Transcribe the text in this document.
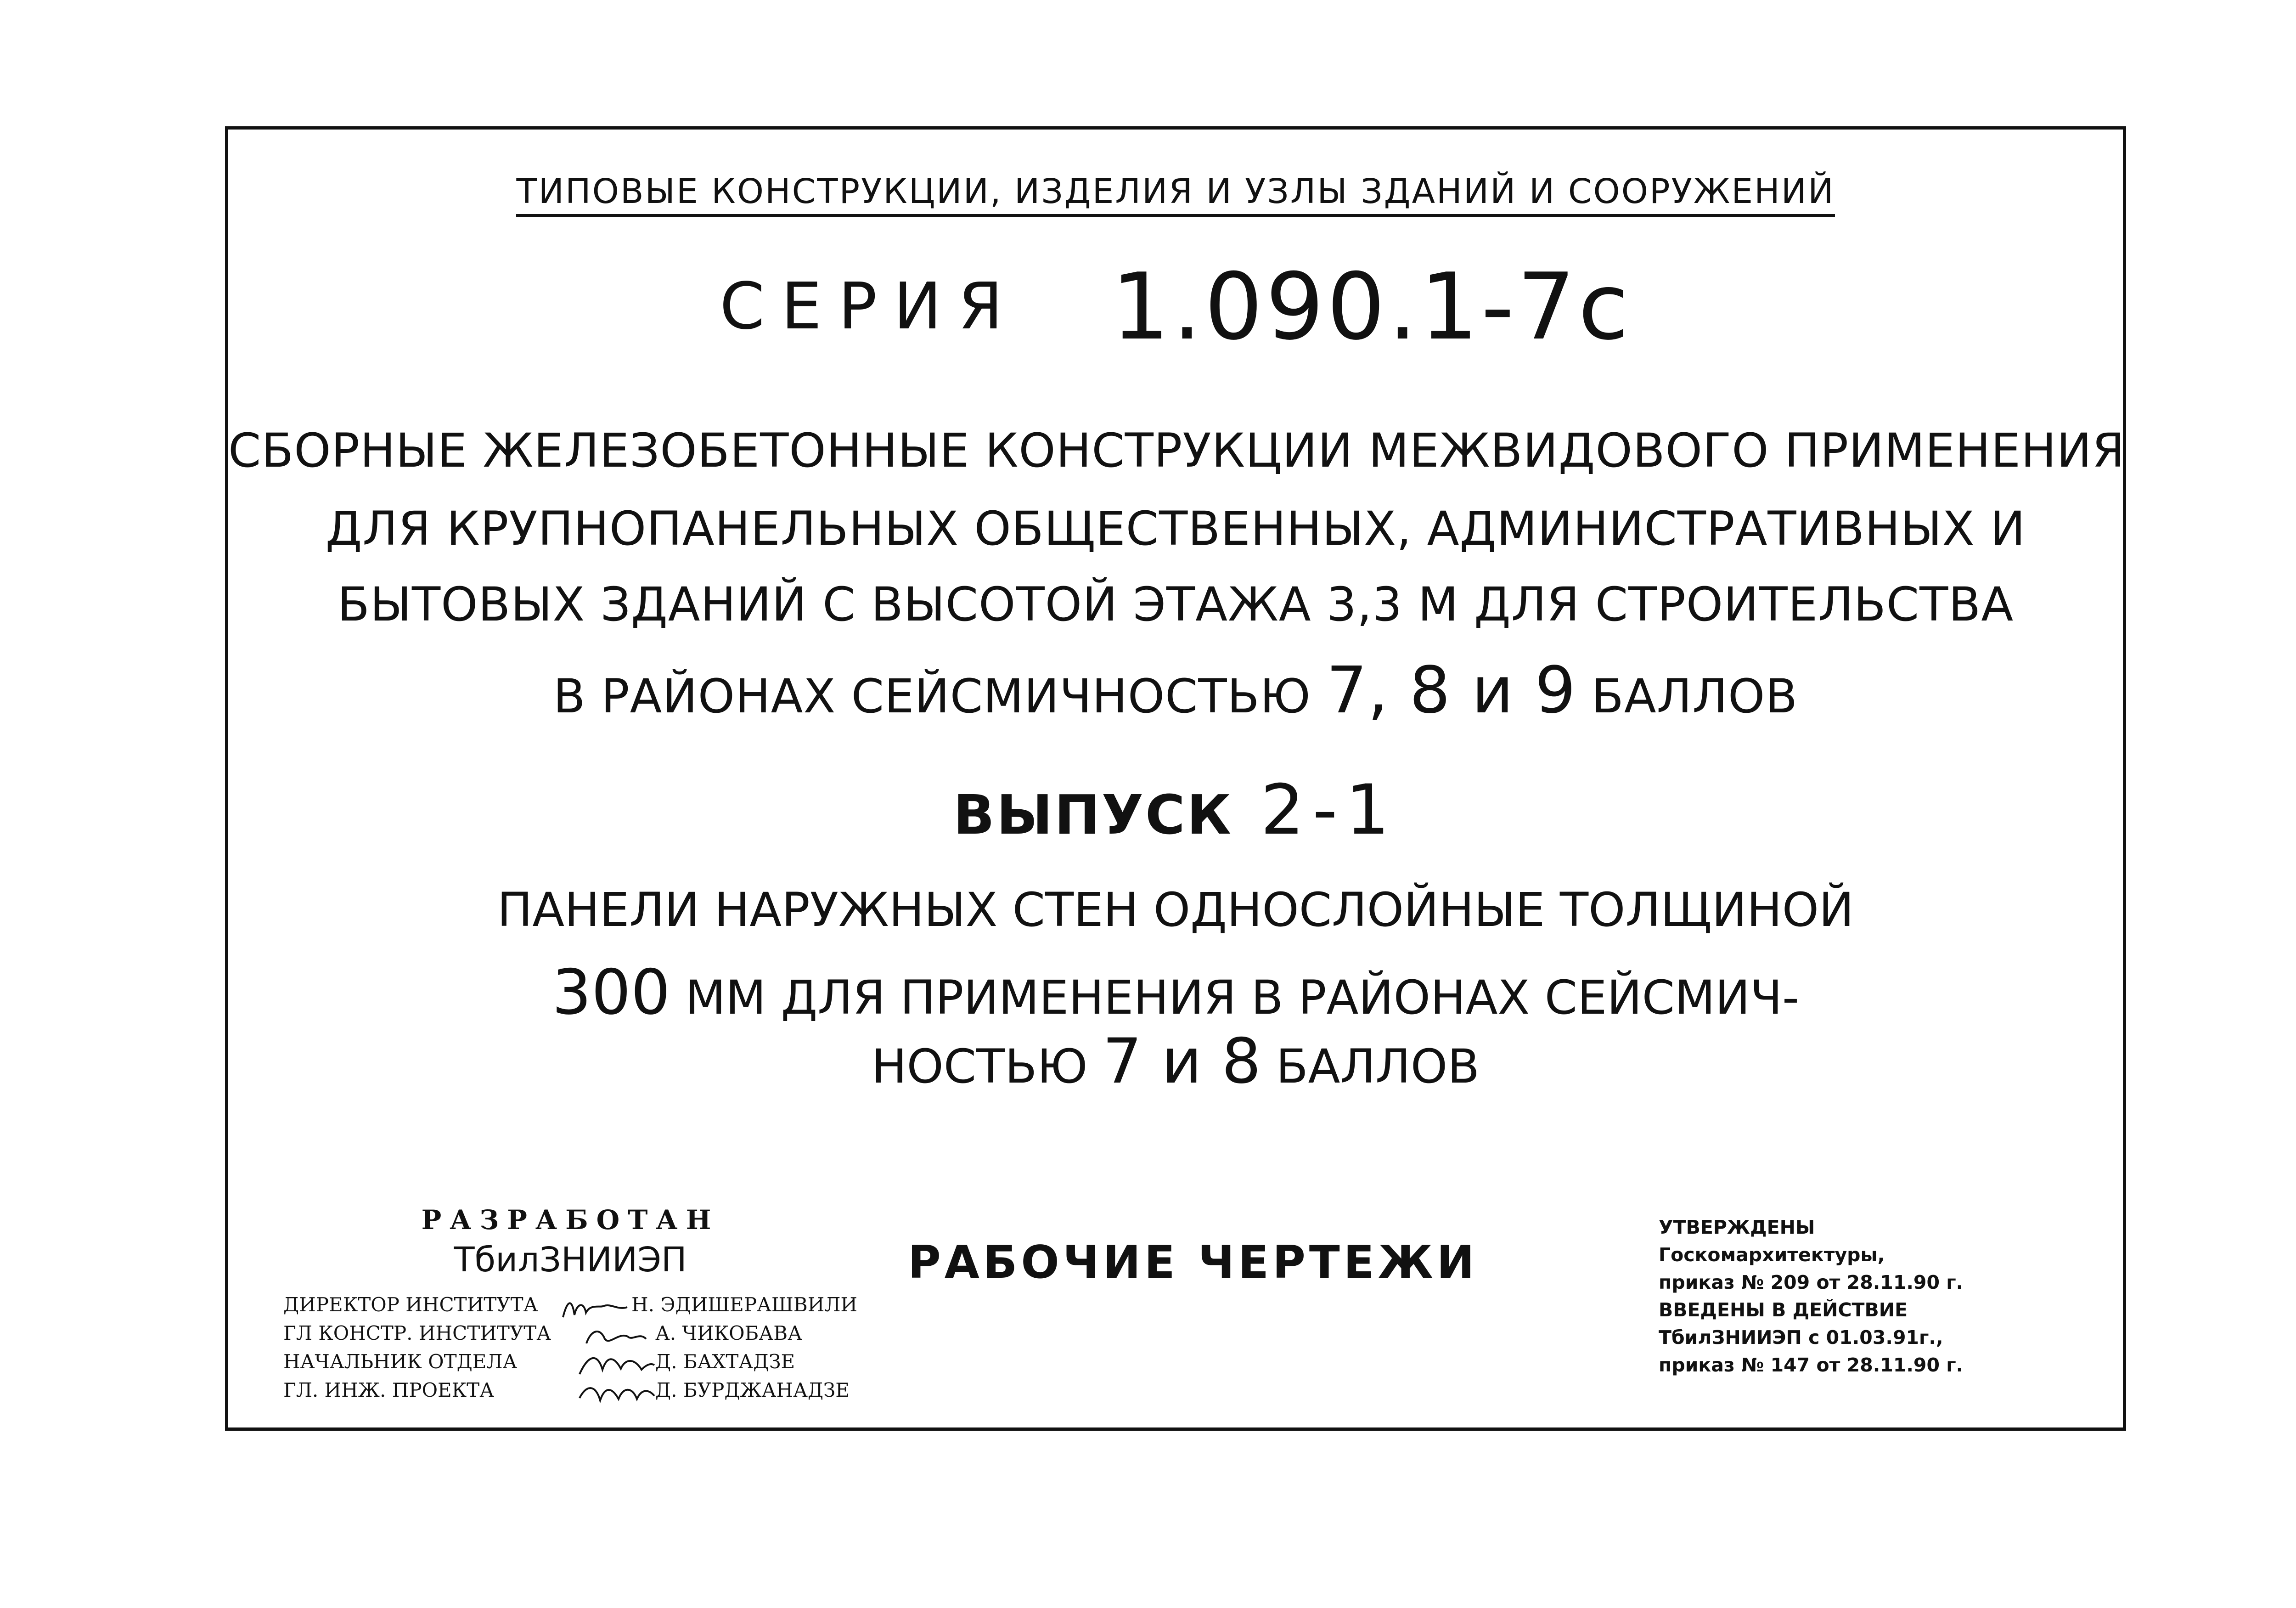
ТИПОВЫЕ КОНСТРУКЦИИ, ИЗДЕЛИЯ И УЗЛЫ ЗДАНИЙ И СООРУЖЕНИЙ
СЕРИЯ 1.090.1-7с
СБОРНЫЕ ЖЕЛЕЗОБЕТОННЫЕ КОНСТРУКЦИИ МЕЖВИДОВОГО ПРИМЕНЕНИЯ
ДЛЯ КРУПНОПАНЕЛЬНЫХ ОБЩЕСТВЕННЫХ, АДМИНИСТРАТИВНЫХ И
БЫТОВЫХ ЗДАНИЙ С ВЫСОТОЙ ЭТАЖА 3,3 М ДЛЯ СТРОИТЕЛЬСТВА
В РАЙОНАХ СЕЙСМИЧНОСТЬЮ 7, 8 и 9 БАЛЛОВ
ВЫПУСК 2-1
ПАНЕЛИ НАРУЖНЫХ СТЕН ОДНОСЛОЙНЫЕ ТОЛЩИНОЙ
300 ММ ДЛЯ ПРИМЕНЕНИЯ В РАЙОНАХ СЕЙСМИЧ-
НОСТЬЮ 7 и 8 БАЛЛОВ
РАЗРАБОТАН
ТбилЗНИИЭП
ДИРЕКТОР ИНСТИТУТА	Н. ЭДИШЕРАШВИЛИ
ГЛ КОНСТР. ИНСТИТУТА	А. ЧИКОБАВА
НАЧАЛЬНИК ОТДЕЛА	Д. БАХТАДЗЕ
ГЛ. ИНЖ. ПРОЕКТА	Д. БУРДЖАНАДЗЕ
РАБОЧИЕ ЧЕРТЕЖИ
УТВЕРЖДЕНЫ
Госкомархитектуры,
приказ № 209 от 28.11.90 г.
ВВЕДЕНЫ В ДЕЙСТВИЕ
ТбилЗНИИЭП с 01.03.91г.,
приказ № 147 от 28.11.90 г.
